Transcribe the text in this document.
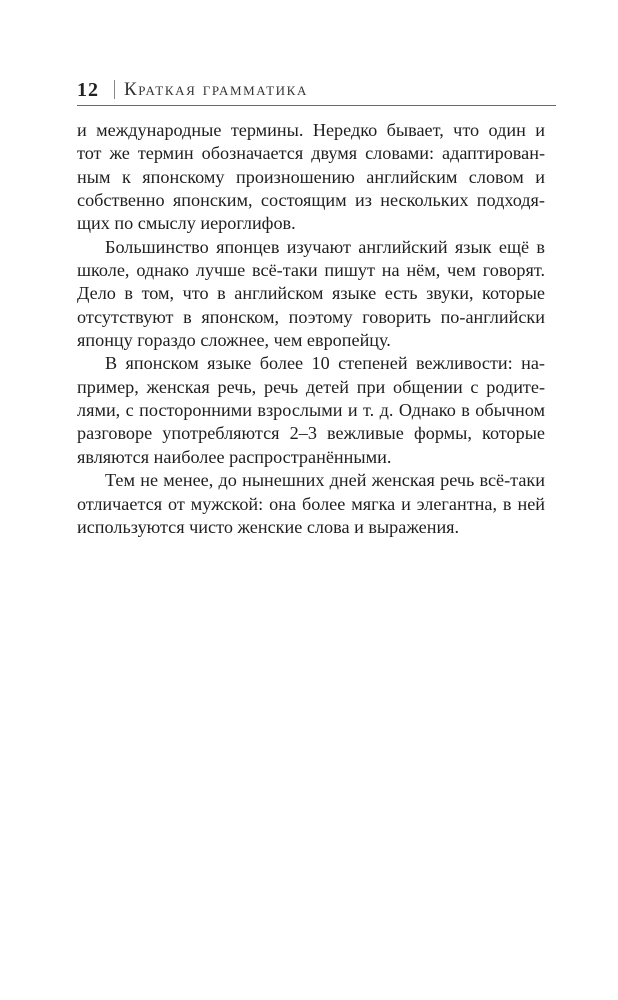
12 Краткая грамматика
и международные термины. Нередко бывает, что один и
тот же термин обозначается двумя словами: адаптирован-
ным к японскому произношению английским словом и
собственно японским, состоящим из нескольких подходя-
щих по смыслу иероглифов.
Большинство японцев изучают английский язык ещё в
школе, однако лучше всё-таки пишут на нём, чем говорят.
Дело в том, что в английском языке есть звуки, которые
отсутствуют в японском, поэтому говорить по-английски
японцу гораздо сложнее, чем европейцу.
В японском языке более 10 степеней вежливости: на-
пример, женская речь, речь детей при общении с родите-
лями, с посторонними взрослыми и т. д. Однако в обычном
разговоре употребляются 2–3 вежливые формы, которые
являются наиболее распространёнными.
Тем не менее, до нынешних дней женская речь всё-таки
отличается от мужской: она более мягка и элегантна, в ней
используются чисто женские слова и выражения.
